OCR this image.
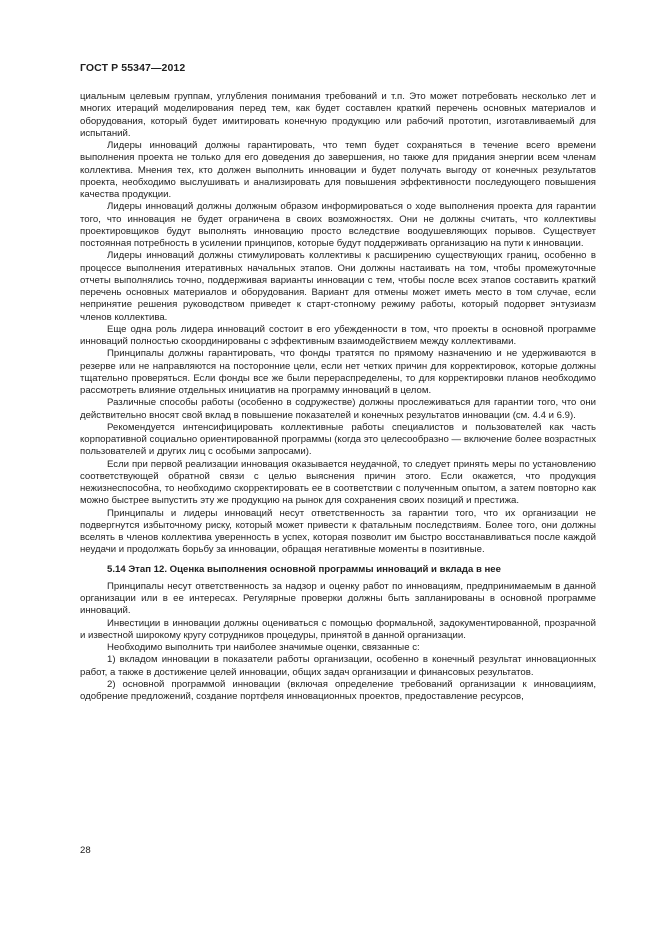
ГОСТ Р 55347—2012

циальным целевым группам, углубления понимания требований и т.п. Это может потребовать несколько лет и многих итераций моделирования перед тем, как будет составлен краткий перечень основных материалов и оборудования, который будет имитировать конечную продукцию или рабочий прототип, изготавливаемый для испытаний.

Лидеры инноваций должны гарантировать, что темп будет сохраняться в течение всего времени выполнения проекта не только для его доведения до завершения, но также для придания энергии всем членам коллектива. Мнения тех, кто должен выполнить инновации и будет получать выгоду от конечных результатов проекта, необходимо выслушивать и анализировать для повышения эффективности последующего повышения качества продукции.

Лидеры инноваций должны должным образом информироваться о ходе выполнения проекта для гарантии того, что инновация не будет ограничена в своих возможностях. Они не должны считать, что коллективы проектировщиков будут выполнять инновацию просто вследствие воодушевляющих порывов. Существует постоянная потребность в усилении принципов, которые будут поддерживать организацию на пути к инновации.

Лидеры инноваций должны стимулировать коллективы к расширению существующих границ, особенно в процессе выполнения итеративных начальных этапов. Они должны настаивать на том, чтобы промежуточные отчеты выполнялись точно, поддерживая варианты инновации с тем, чтобы после всех этапов составить краткий перечень основных материалов и оборудования. Вариант для отмены может иметь место в том случае, если непринятие решения руководством приведет к старт-стопному режиму работы, который подорвет энтузиазм членов коллектива.

Еще одна роль лидера инноваций состоит в его убежденности в том, что проекты в основной программе инноваций полностью скоординированы с эффективным взаимодействием между коллективами.

Принципалы должны гарантировать, что фонды тратятся по прямому назначению и не удерживаются в резерве или не направляются на посторонние цели, если нет четких причин для корректировок, которые должны тщательно проверяться. Если фонды все же были перераспределены, то для корректировки планов необходимо рассмотреть влияние отдельных инициатив на программу инноваций в целом.

Различные способы работы (особенно в содружестве) должны прослеживаться для гарантии того, что они действительно вносят свой вклад в повышение показателей и конечных результатов инновации (см. 4.4 и 6.9).

Рекомендуется интенсифицировать коллективные работы специалистов и пользователей как часть корпоративной социально ориентированной программы (когда это целесообразно — включение более возрастных пользователей и других лиц с особыми запросами).

Если при первой реализации инновация оказывается неудачной, то следует принять меры по установлению соответствующей обратной связи с целью выяснения причин этого. Если окажется, что продукция нежизнеспособна, то необходимо скорректировать ее в соответствии с полученным опытом, а затем повторно как можно быстрее выпустить эту же продукцию на рынок для сохранения своих позиций и престижа.

Принципалы и лидеры инноваций несут ответственность за гарантии того, что их организации не подвергнутся избыточному риску, который может привести к фатальным последствиям. Более того, они должны вселять в членов коллектива уверенность в успех, которая позволит им быстро восстанавливаться после каждой неудачи и продолжать борьбу за инновации, обращая негативные моменты в позитивные.

5.14 Этап 12. Оценка выполнения основной программы инноваций и вклада в нее

Принципалы несут ответственность за надзор и оценку работ по инновациям, предпринимаемым в данной организации или в ее интересах. Регулярные проверки должны быть запланированы в основной программе инноваций.

Инвестиции в инновации должны оцениваться с помощью формальной, задокументированной, прозрачной и известной широкому кругу сотрудников процедуры, принятой в данной организации.

Необходимо выполнить три наиболее значимые оценки, связанные с:

1) вкладом инновации в показатели работы организации, особенно в конечный результат инновационных работ, а также в достижение целей инновации, общих задач организации и финансовых результатов.

2) основной программой инновации (включая определение требований организации к инновацииям, одобрение предложений, создание портфеля инновационных проектов, предоставление ресурсов,

28
